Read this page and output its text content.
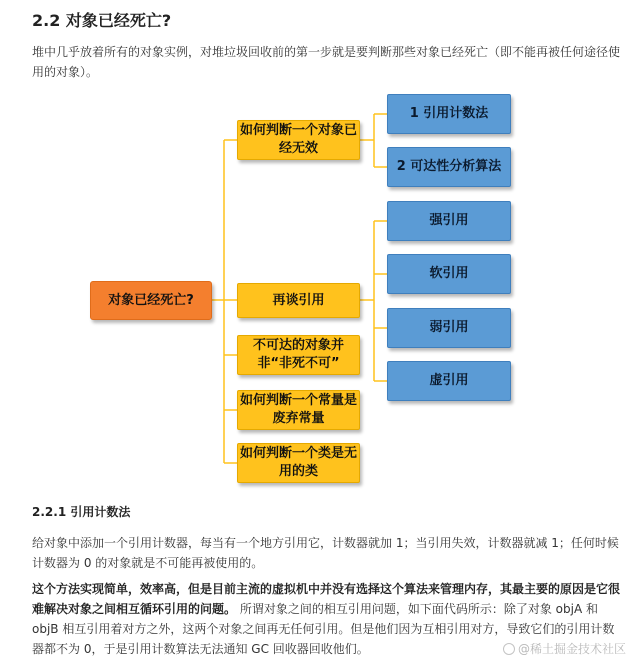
2.2 对象已经死亡?

堆中几乎放着所有的对象实例，对堆垃圾回收前的第一步就是要判断那些对象已经死亡（即不能再被任何途径使用的对象）。

对象已经死亡?
如何判断一个对象已经无效
再谈引用
不可达的对象并非“非死不可”
如何判断一个常量是废弃常量
如何判断一个类是无用的类
1 引用计数法
2 可达性分析算法
强引用
软引用
弱引用
虚引用
2.2.1 引用计数法

给对象中添加一个引用计数器，每当有一个地方引用它，计数器就加 1；当引用失效，计数器就减 1；任何时候计数器为 0 的对象就是不可能再被使用的。

这个方法实现简单，效率高，但是目前主流的虚拟机中并没有选择这个算法来管理内存，其最主要的原因是它很难解决对象之间相互循环引用的问题。 所谓对象之间的相互引用问题，如下面代码所示：除了对象 objA 和 objB 相互引用着对方之外，这两个对象之间再无任何引用。但是他们因为互相引用对方，导致它们的引用计数器都不为 0，于是引用计数算法无法通知 GC 回收器回收他们。	@稀土掘金技术社区
